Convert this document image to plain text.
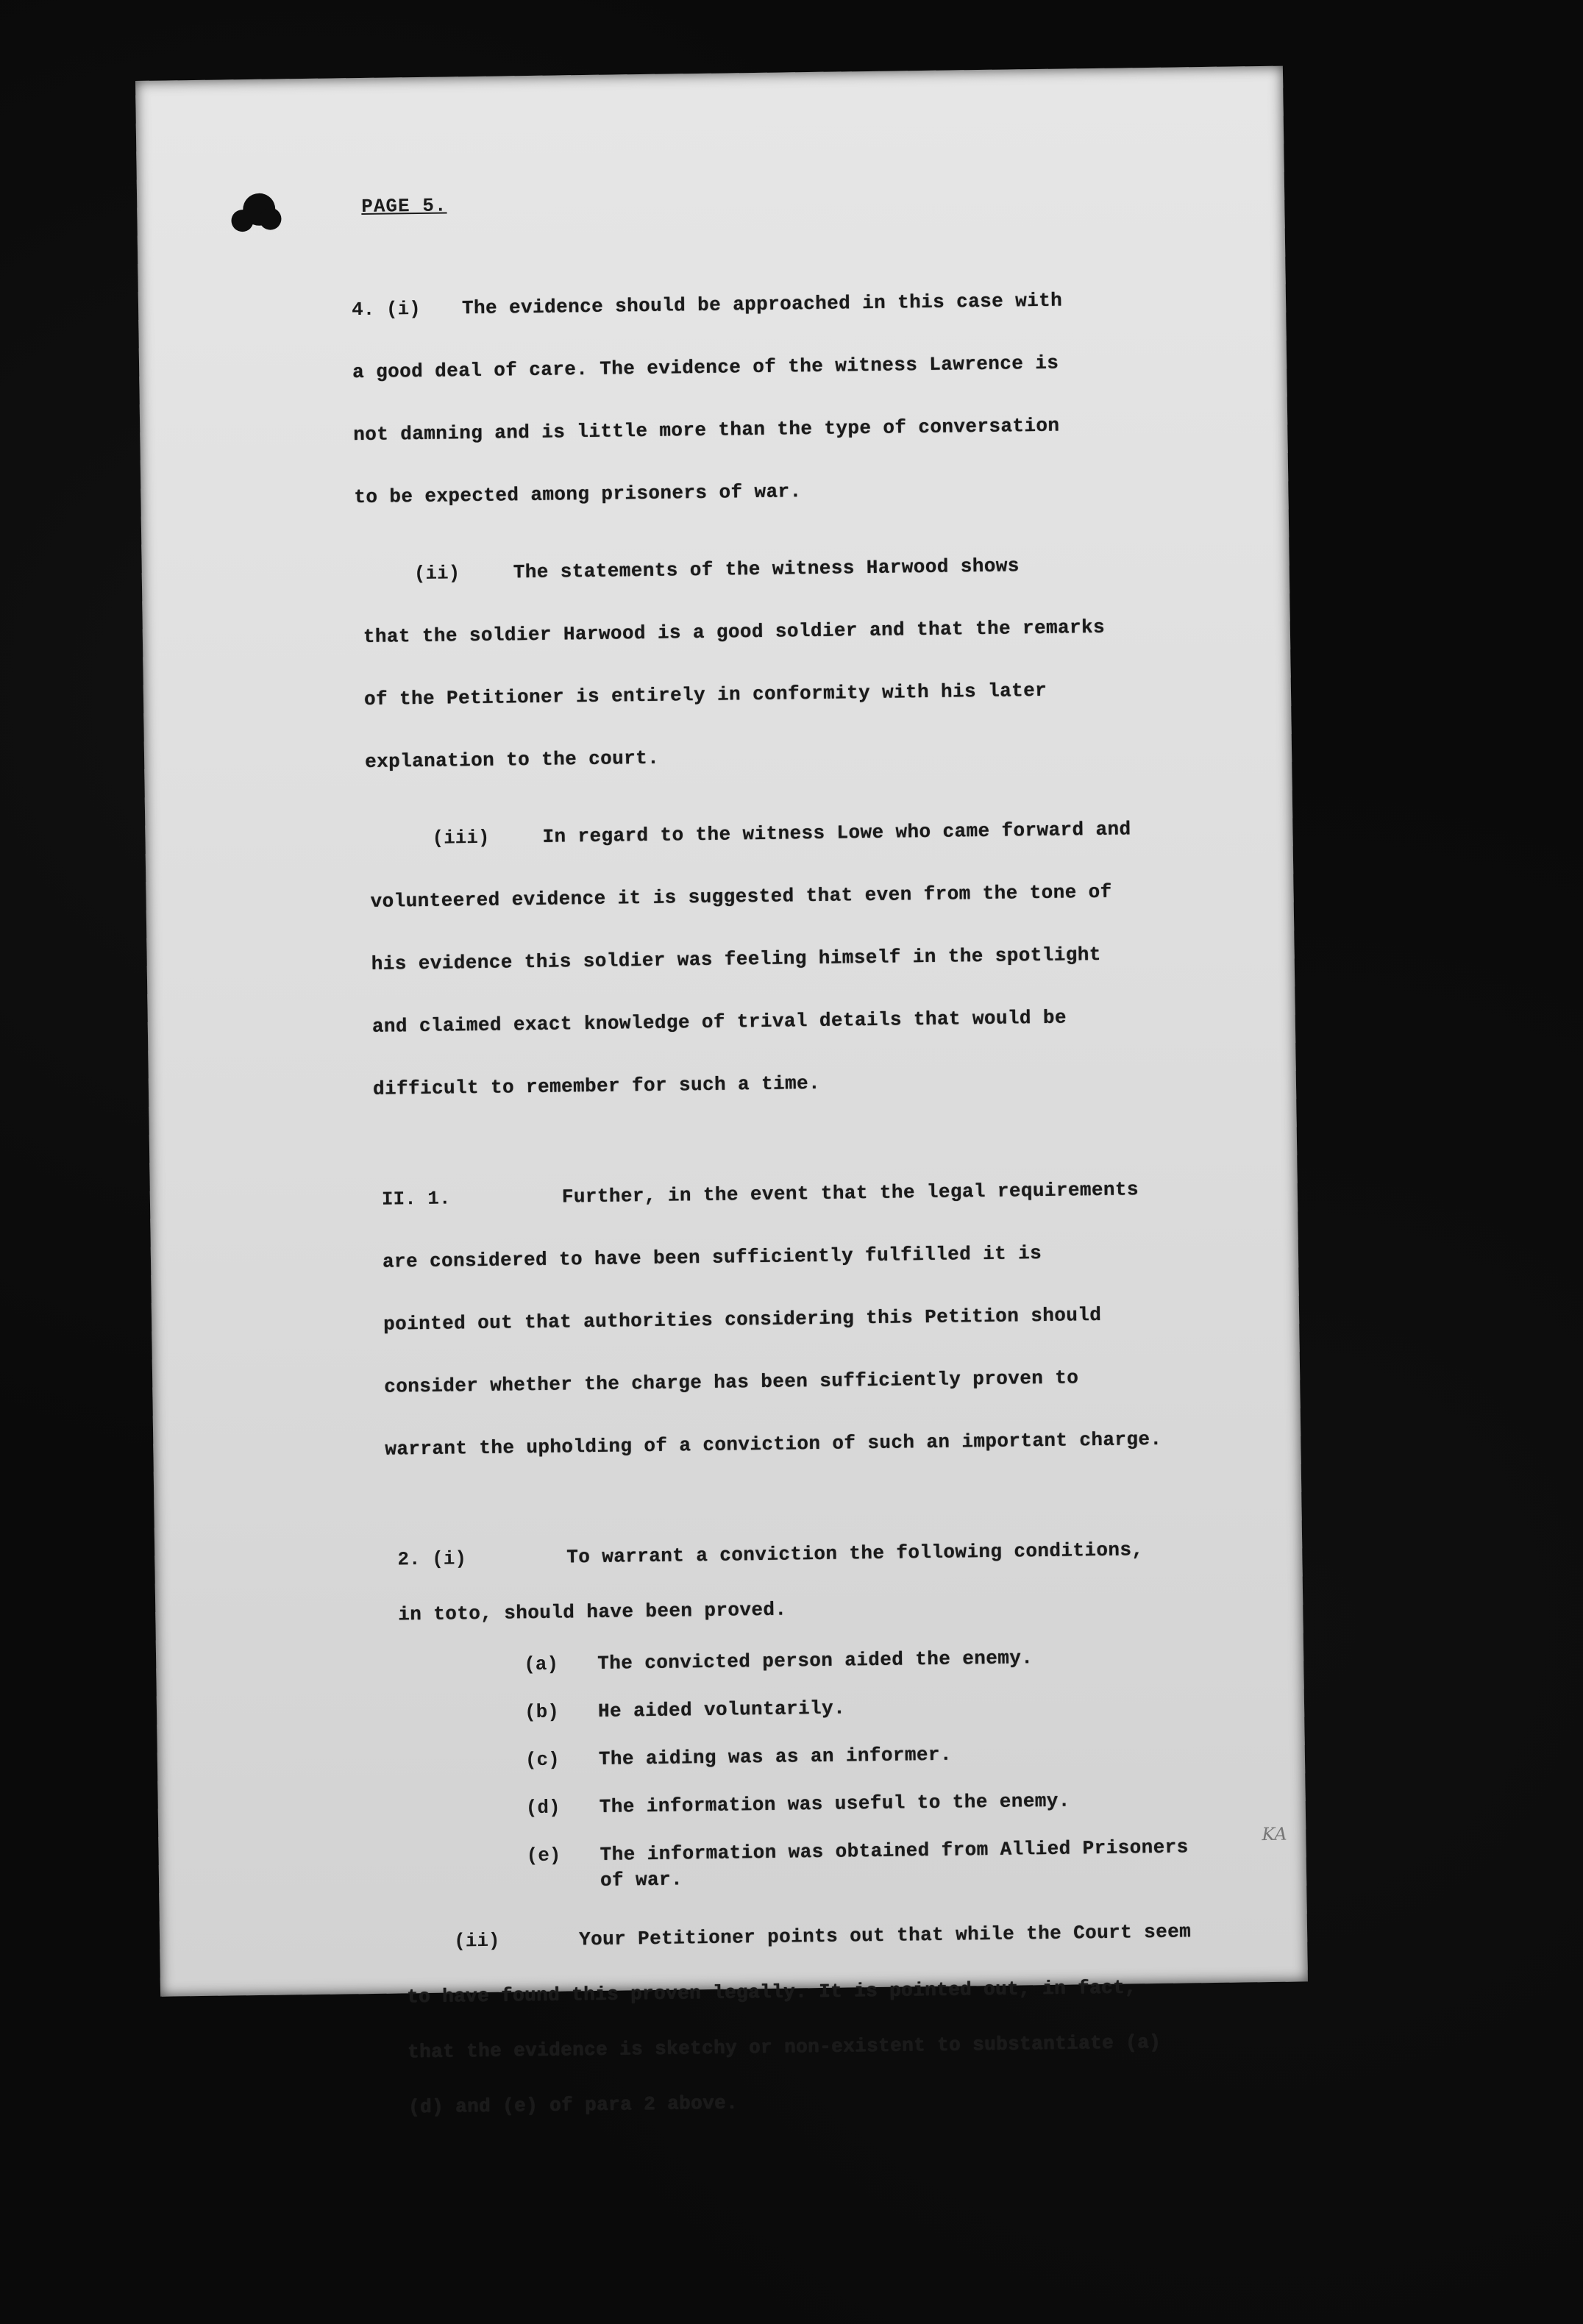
PAGE 5.
4. (i) The evidence should be approached in this case with
a good deal of care. The evidence of the witness Lawrence is
not damning and is little more than the type of conversation
to be expected among prisoners of war.
(ii)	The statements of the witness Harwood shows
that the soldier Harwood is a good soldier and that the remarks
of the Petitioner is entirely in conformity with his later
explanation to the court.
(iii)	In regard to the witness Lowe who came forward and
volunteered evidence it is suggested that even from the tone of
his evidence this soldier was feeling himself in the spotlight
and claimed exact knowledge of trival details that would be
difficult to remember for such a time.
II. 1.	Further, in the event that the legal requirements
are considered to have been sufficiently fulfilled it is
pointed out that authorities considering this Petition should
consider whether the charge has been sufficiently proven to
warrant the upholding of a conviction of such an important charge.
2. (i)	To warrant a conviction the following conditions,
in toto, should have been proved.
(a) The convicted person aided the enemy.
(b) He aided voluntarily.
(c) The aiding was as an informer.
(d) The information was useful to the enemy.
(e) The information was obtained from Allied Prisoners
of war.
(ii)	Your Petitioner points out that while the Court seem
to have found this proven legally. It is pointed out, in fact,
that the evidence is sketchy or non-existent to substantiate (a)
(d) and (e) of para 2 above.
KA
